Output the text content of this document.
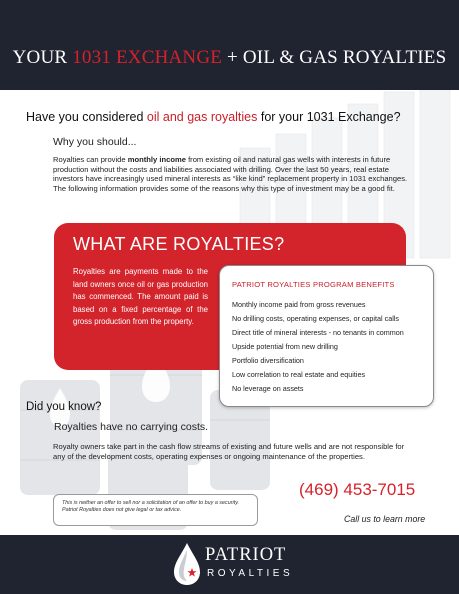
YOUR 1031 EXCHANGE + OIL & GAS ROYALTIES
Have you considered oil and gas royalties for your 1031 Exchange?
Why you should...
Royalties can provide monthly income from existing oil and natural gas wells with interests in future production without the costs and liabilities associated with drilling. Over the last 50 years, real estate investors have increasingly used mineral interests as “like kind” replacement property in 1031 exchanges. The following information provides some of the reasons why this type of investment may be a good fit.
WHAT ARE ROYALTIES?
Royalties are payments made to the land owners once oil or gas production has commenced. The amount paid is based on a fixed percentage of the gross production from the property.
PATRIOT ROYALTIES PROGRAM BENEFITS
Monthly income paid from gross revenues
No drilling costs, operating expenses, or capital calls
Direct title of mineral interests - no tenants in common
Upside potential from new drilling
Portfolio diversification
Low correlation to real estate and equities
No leverage on assets
Did you know?
Royalties have no carrying costs.
Royalty owners take part in the cash flow streams of existing and future wells and are not responsible for any of the development costs, operating expenses or ongoing maintenance of the properties.
This is neither an offer to sell nor a solicitation of an offer to buy a security. Patriot Royalties does not give legal or tax advice.
(469) 453-7015
Call us to learn more
PATRIOT
ROYALTIES
